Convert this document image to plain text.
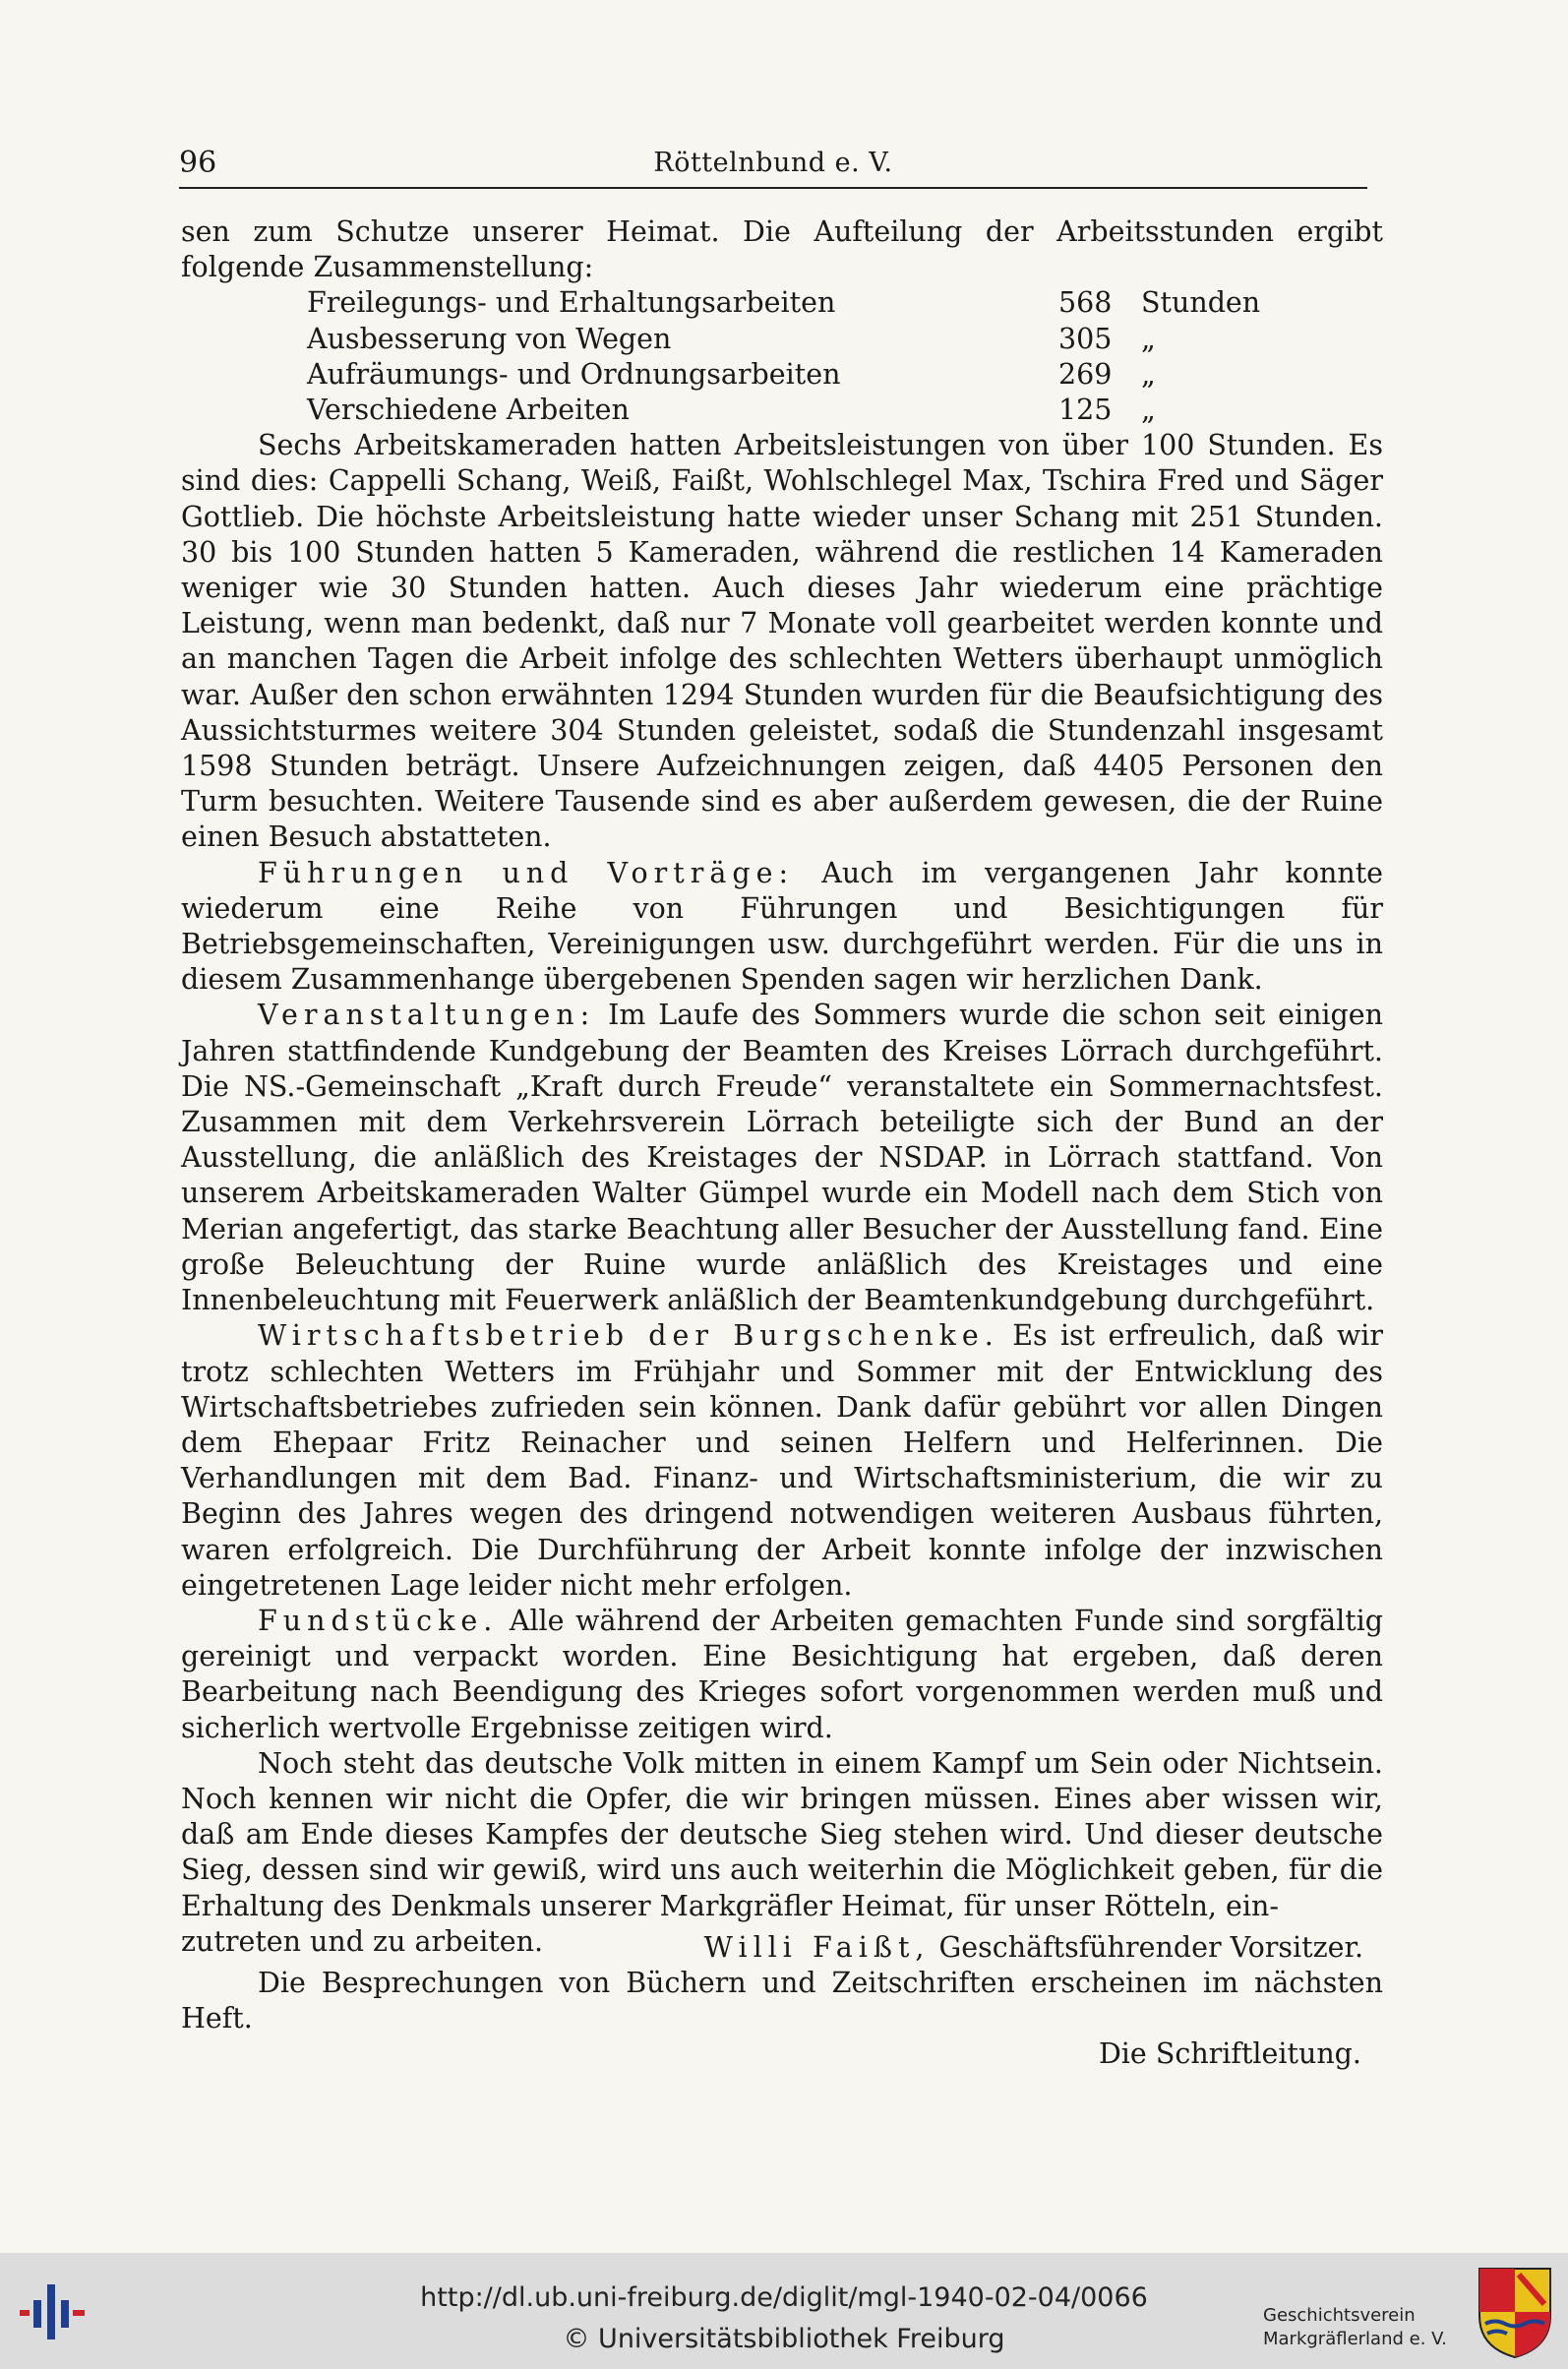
96	Röttelnbund e. V.

sen zum Schutze unserer Heimat. Die Aufteilung der Arbeitsstunden ergibt folgende Zusammenstellung:

Freilegungs- und Erhaltungsarbeiten	568	Stunden
Ausbesserung von Wegen	305	„
Aufräumungs- und Ordnungsarbeiten	269	„
Verschiedene Arbeiten	125	„

Sechs Arbeitskameraden hatten Arbeitsleistungen von über 100 Stunden. Es sind dies: Cappelli Schang, Weiß, Faißt, Wohlschlegel Max, Tschira Fred und Säger Gottlieb. Die höchste Arbeitsleistung hatte wieder unser Schang mit 251 Stunden. 30 bis 100 Stunden hatten 5 Kameraden, während die restlichen 14 Kameraden weniger wie 30 Stunden hatten. Auch dieses Jahr wiederum eine prächtige Leistung, wenn man bedenkt, daß nur 7 Monate voll gearbeitet werden konnte und an manchen Tagen die Arbeit infolge des schlechten Wetters überhaupt unmöglich war. Außer den schon erwähnten 1294 Stunden wurden für die Beaufsichtigung des Aussichtsturmes weitere 304 Stunden geleistet, sodaß die Stundenzahl insgesamt 1598 Stunden beträgt. Unsere Aufzeichnungen zeigen, daß 4405 Personen den Turm besuchten. Weitere Tausende sind es aber außerdem gewesen, die der Ruine einen Besuch abstatteten.

Führungen und Vorträge: Auch im vergangenen Jahr konnte wiederum eine Reihe von Führungen und Besichtigungen für Betriebsgemeinschaften, Vereinigungen usw. durchgeführt werden. Für die uns in diesem Zusammenhange übergebenen Spenden sagen wir herzlichen Dank.

Veranstaltungen: Im Laufe des Sommers wurde die schon seit einigen Jahren stattfindende Kundgebung der Beamten des Kreises Lörrach durchgeführt. Die NS.-Gemeinschaft „Kraft durch Freude“ veranstaltete ein Sommernachtsfest. Zusammen mit dem Verkehrsverein Lörrach beteiligte sich der Bund an der Ausstellung, die anläßlich des Kreistages der NSDAP. in Lörrach stattfand. Von unserem Arbeitskameraden Walter Gümpel wurde ein Modell nach dem Stich von Merian angefertigt, das starke Beachtung aller Besucher der Ausstellung fand. Eine große Beleuchtung der Ruine wurde anläßlich des Kreistages und eine Innenbeleuchtung mit Feuerwerk anläßlich der Beamtenkundgebung durchgeführt.

Wirtschaftsbetrieb der Burgschenke. Es ist erfreulich, daß wir trotz schlechten Wetters im Frühjahr und Sommer mit der Entwicklung des Wirtschaftsbetriebes zufrieden sein können. Dank dafür gebührt vor allen Dingen dem Ehepaar Fritz Reinacher und seinen Helfern und Helferinnen. Die Verhandlungen mit dem Bad. Finanz- und Wirtschaftsministerium, die wir zu Beginn des Jahres wegen des dringend notwendigen weiteren Ausbaus führten, waren erfolgreich. Die Durchführung der Arbeit konnte infolge der inzwischen eingetretenen Lage leider nicht mehr erfolgen.

Fundstücke. Alle während der Arbeiten gemachten Funde sind sorgfältig gereinigt und verpackt worden. Eine Besichtigung hat ergeben, daß deren Bearbeitung nach Beendigung des Krieges sofort vorgenommen werden muß und sicherlich wertvolle Ergebnisse zeitigen wird.

Noch steht das deutsche Volk mitten in einem Kampf um Sein oder Nichtsein. Noch kennen wir nicht die Opfer, die wir bringen müssen. Eines aber wissen wir, daß am Ende dieses Kampfes der deutsche Sieg stehen wird. Und dieser deutsche Sieg, dessen sind wir gewiß, wird uns auch weiterhin die Möglichkeit geben, für die Erhaltung des Denkmals unserer Markgräfler Heimat, für unser Rötteln, ein-

zutreten und zu arbeiten.	Willi Faißt, Geschäftsführender Vorsitzer.

Die Besprechungen von Büchern und Zeitschriften erscheinen im nächsten Heft.

Die Schriftleitung.

http://dl.ub.uni-freiburg.de/diglit/mgl-1940-02-04/0066
© Universitätsbibliothek Freiburg
Geschichtsverein
Markgräflerland e. V.
